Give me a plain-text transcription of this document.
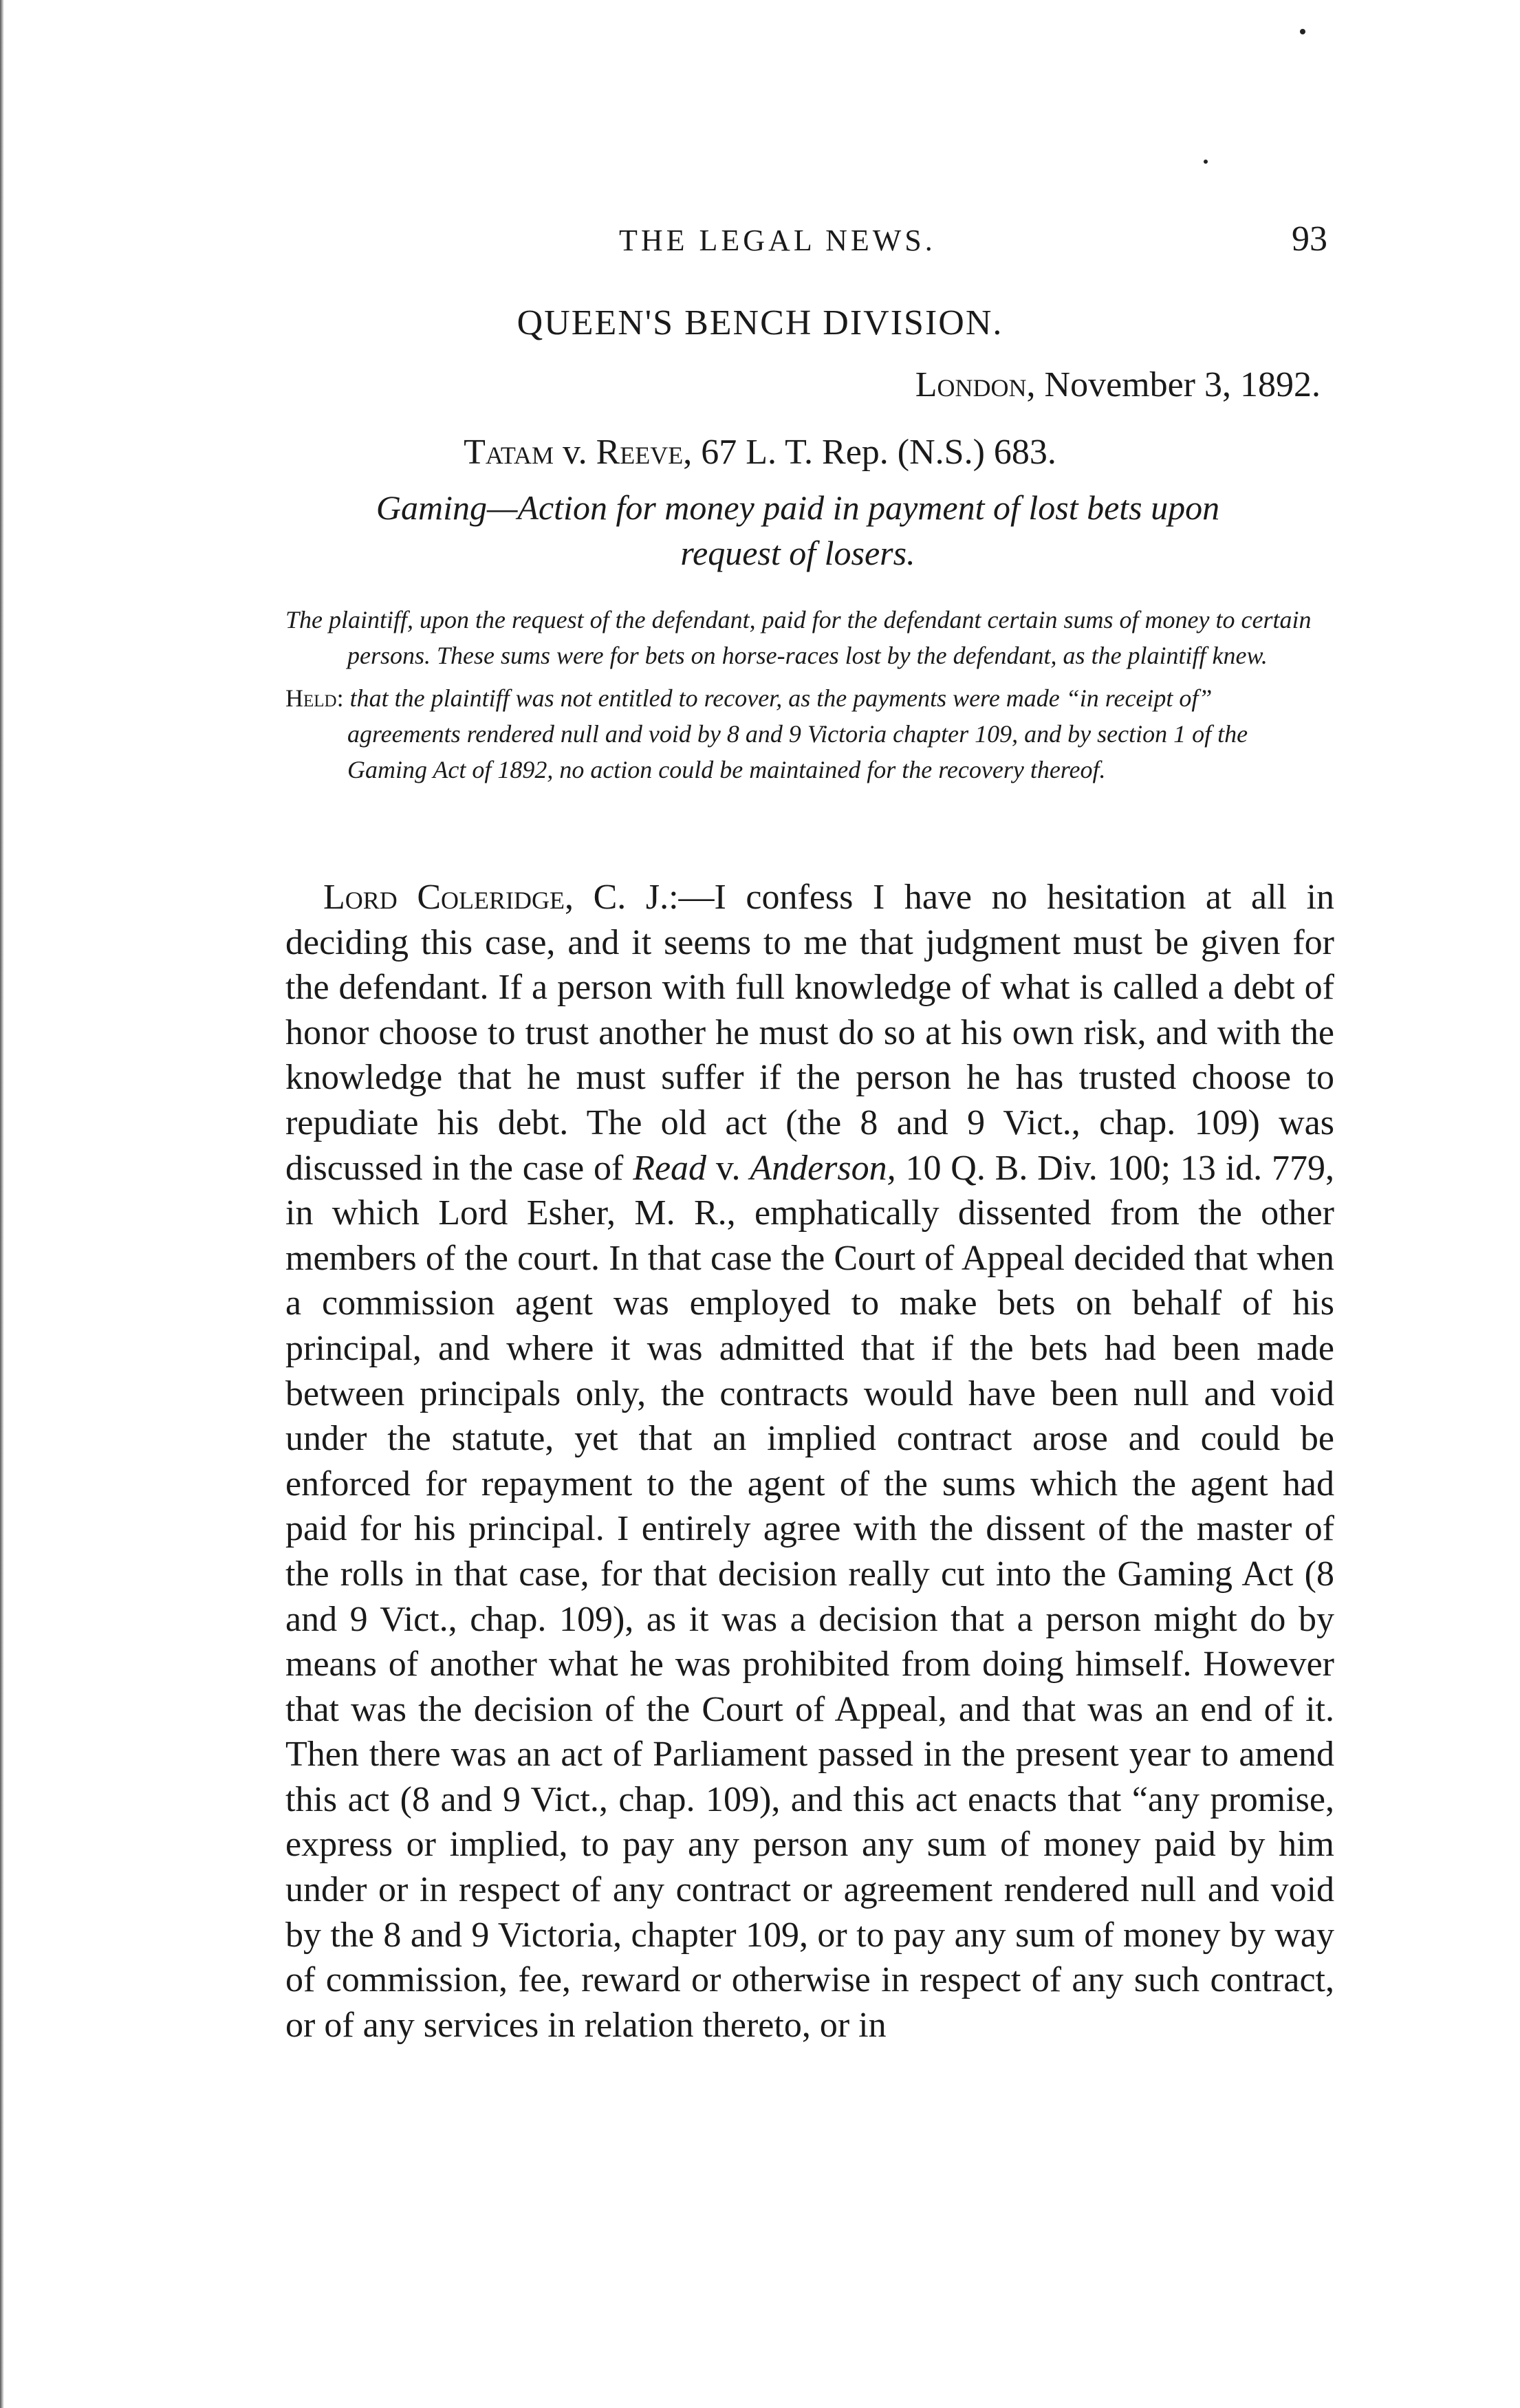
THE LEGAL NEWS.	93
QUEEN'S BENCH DIVISION.
London, November 3, 1892.
Tatam v. Reeve, 67 L. T. Rep. (N.S.) 683.
Gaming—Action for money paid in payment of lost bets upon request of losers.

The plaintiff, upon the request of the defendant, paid for the defendant certain sums of money to certain persons. These sums were for bets on horse-races lost by the defendant, as the plaintiff knew.

Held: that the plaintiff was not entitled to recover, as the payments were made “in receipt of” agreements rendered null and void by 8 and 9 Victoria chapter 109, and by section 1 of the Gaming Act of 1892, no action could be maintained for the recovery thereof.

Lord Coleridge, C. J.:—I confess I have no hesitation at all in deciding this case, and it seems to me that judgment must be given for the defendant. If a person with full knowledge of what is called a debt of honor choose to trust another he must do so at his own risk, and with the knowledge that he must suffer if the person he has trusted choose to repudiate his debt. The old act (the 8 and 9 Vict., chap. 109) was discussed in the case of Read v. Anderson, 10 Q. B. Div. 100; 13 id. 779, in which Lord Esher, M. R., emphatically dissented from the other members of the court. In that case the Court of Appeal decided that when a commission agent was employed to make bets on behalf of his principal, and where it was admitted that if the bets had been made between principals only, the contracts would have been null and void under the statute, yet that an implied contract arose and could be enforced for repayment to the agent of the sums which the agent had paid for his principal. I entirely agree with the dissent of the master of the rolls in that case, for that decision really cut into the Gaming Act (8 and 9 Vict., chap. 109), as it was a decision that a person might do by means of another what he was prohibited from doing himself. However that was the decision of the Court of Appeal, and that was an end of it. Then there was an act of Parliament passed in the present year to amend this act (8 and 9 Vict., chap. 109), and this act enacts that “any promise, express or implied, to pay any person any sum of money paid by him under or in respect of any contract or agreement rendered null and void by the 8 and 9 Victoria, chapter 109, or to pay any sum of money by way of commission, fee, reward or otherwise in respect of any such contract, or of any services in relation thereto, or in
